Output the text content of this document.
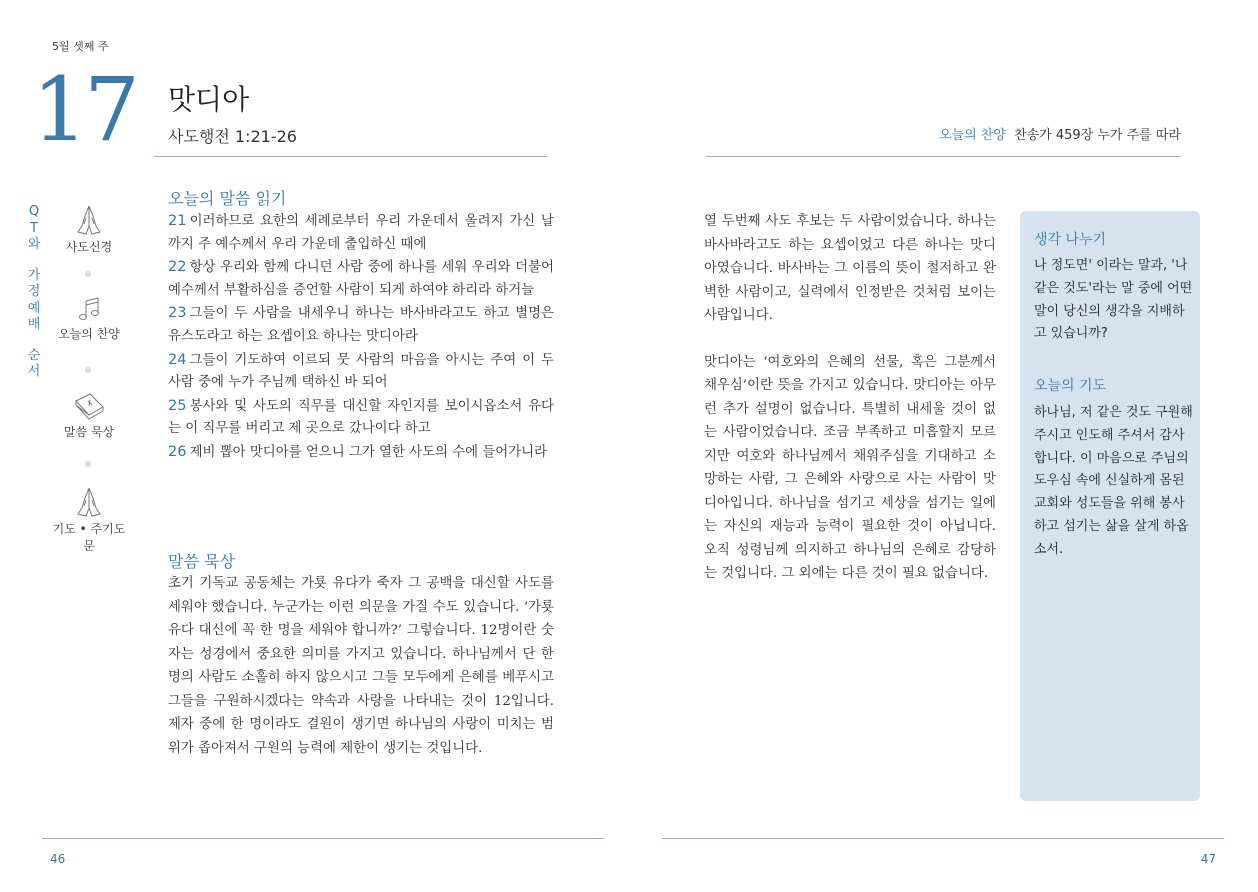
5월 셋째 주
17 맛디아
사도행전 1:21-26	오늘의 찬양 찬송가 459장 누가 주를 따라
Q
T
와
가
정
예
배
순
서
사도신경
오늘의 찬양
말씀 묵상
기도 • 주기도문
오늘의 말씀 읽기
21 이러하므로 요한의 세례로부터 우리 가운데서 올려지 가신 날까지 주 예수께서 우리 가운데 출입하신 때에
22 항상 우리와 함께 다니던 사람 중에 하나를 세워 우리와 더불어 예수께서 부활하심을 증언할 사람이 되게 하여야 하리라 하거늘
23 그들이 두 사람을 내세우니 하나는 바사바라고도 하고 별명은 유스도라고 하는 요셉이요 하나는 맛디아라
24 그들이 기도하여 이르되 뭇 사람의 마음을 아시는 주여 이 두 사람 중에 누가 주님께 택하신 바 되어
25 봉사와 및 사도의 직무를 대신할 자인지를 보이시옵소서 유다는 이 직무를 버리고 제 곳으로 갔나이다 하고
26 제비 뽑아 맛디아를 얻으니 그가 열한 사도의 수에 들어가니라
말씀 묵상
초기 기독교 공동체는 가룟 유다가 죽자 그 공백을 대신할 사도를 세워야 했습니다. 누군가는 이런 의문을 가질 수도 있습니다. ‘가룟 유다 대신에 꼭 한 명을 세워야 합니까?’ 그렇습니다. 12명이란 숫자는 성경에서 중요한 의미를 가지고 있습니다. 하나님께서 단 한 명의 사람도 소홀히 하지 않으시고 그들 모두에게 은혜를 베푸시고 그들을 구원하시겠다는 약속과 사랑을 나타내는 것이 12입니다. 제자 중에 한 명이라도 결원이 생기면 하나님의 사랑이 미치는 범위가 좁아져서 구원의 능력에 제한이 생기는 것입니다.

열 두번째 사도 후보는 두 사람이었습니다. 하나는 바사바라고도 하는 요셉이었고 다른 하나는 맛디아였습니다. 바사바는 그 이름의 뜻이 철저하고 완벽한 사람이고, 실력에서 인정받은 것처럼 보이는 사람입니다.

맛디아는 ‘여호와의 은혜의 선물, 혹은 그분께서 채우심’이란 뜻을 가지고 있습니다. 맛디아는 아무런 추가 설명이 없습니다. 특별히 내세울 것이 없는 사람이었습니다. 조금 부족하고 미흡할지 모르지만 여호와 하나님께서 채워주심을 기대하고 소망하는 사람, 그 은혜와 사랑으로 사는 사람이 맛디아입니다. 하나님을 섬기고 세상을 섬기는 일에는 자신의 재능과 능력이 필요한 것이 아닙니다. 오직 성령님께 의지하고 하나님의 은혜로 감당하는 것입니다. 그 외에는 다른 것이 필요 없습니다.

생각 나누기
나 정도면' 이라는 말과, '나 같은 것도'라는 말 중에 어떤 말이 당신의 생각을 지배하고 있습니까?
오늘의 기도
하나님, 저 같은 것도 구원해 주시고 인도해 주셔서 감사합니다. 이 마음으로 주님의 도우심 속에 신실하게 몸된 교회와 성도들을 위해 봉사하고 섬기는 삶을 살게 하옵소서.
46	47
